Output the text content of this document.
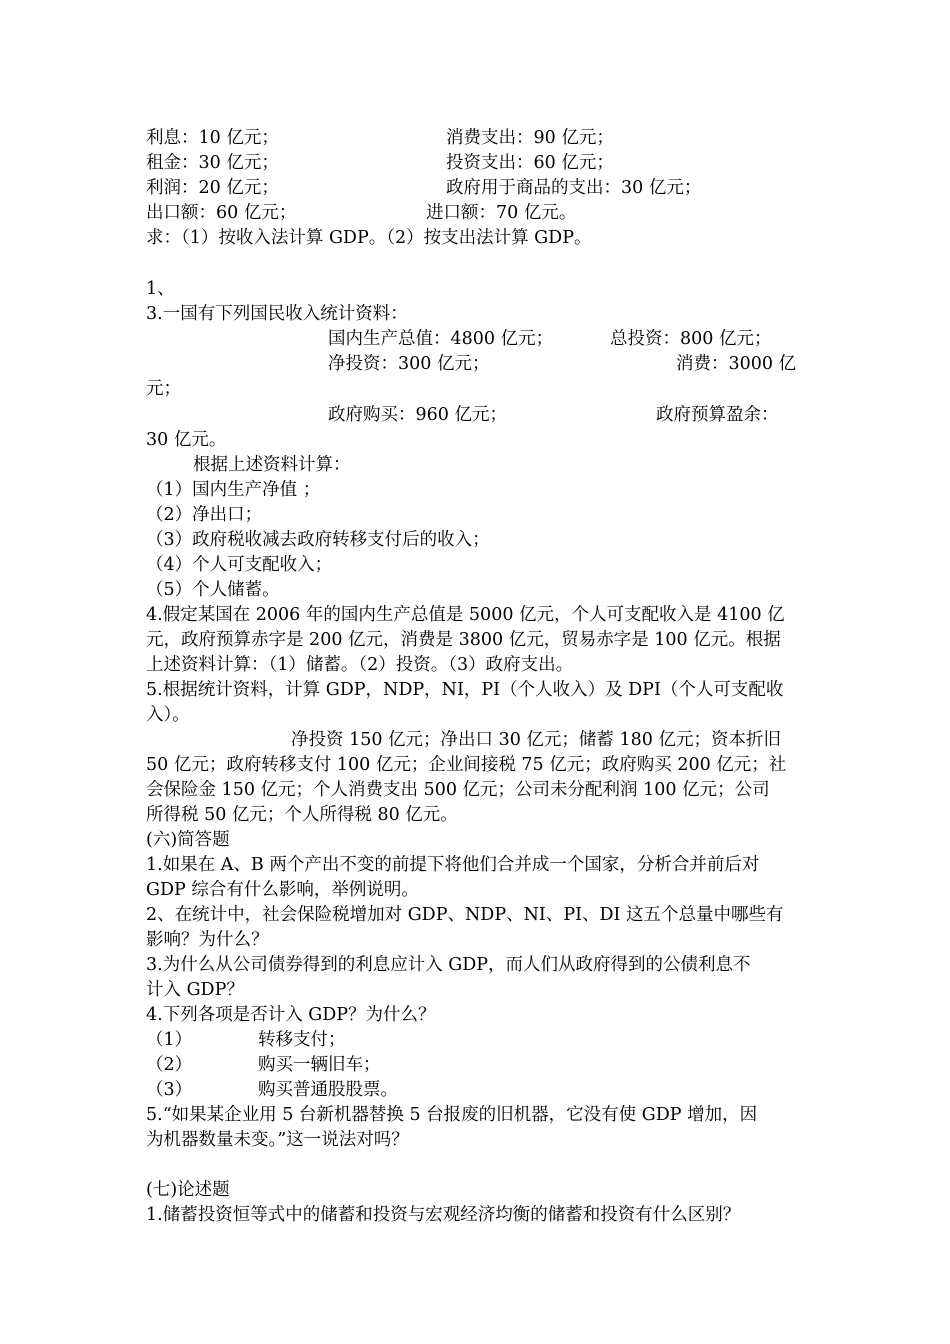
利息：10 亿元；	消费支出：90 亿元；
租金：30 亿元；	投资支出：60 亿元；
利润：20 亿元；	政府用于商品的支出：30 亿元；
出口额：60 亿元；	进口额：70 亿元。
求：（1）按收入法计算 GDP。（2）按支出法计算 GDP。
1、
3.一国有下列国民收入统计资料：
国内生产总值：4800 亿元；	总投资：800 亿元；
净投资：300 亿元；	消费：3000 亿
元；
政府购买：960 亿元；	政府预算盈余：
30 亿元。
根据上述资料计算：
（1）国内生产净值 ；
（2）净出口；
（3）政府税收减去政府转移支付后的收入；
（4）个人可支配收入；
（5）个人储蓄。
4.假定某国在 2006 年的国内生产总值是 5000 亿元，个人可支配收入是 4100 亿
元，政府预算赤字是 200 亿元，消费是 3800 亿元，贸易赤字是 100 亿元。根据
上述资料计算：（1）储蓄。（2）投资。（3）政府支出。
5.根据统计资料，计算 GDP，NDP，NI，PI（个人收入）及 DPI（个人可支配收
入）。
净投资 150 亿元；净出口 30 亿元；储蓄 180 亿元；资本折旧
50 亿元；政府转移支付 100 亿元；企业间接税 75 亿元；政府购买 200 亿元；社
会保险金 150 亿元；个人消费支出 500 亿元；公司未分配利润 100 亿元；公司
所得税 50 亿元；个人所得税 80 亿元。
(六)简答题
1.如果在 A、B 两个产出不变的前提下将他们合并成一个国家，分析合并前后对
GDP 综合有什么影响，举例说明。
2、在统计中，社会保险税增加对 GDP、NDP、NI、PI、DI 这五个总量中哪些有
影响？为什么？
3.为什么从公司债券得到的利息应计入 GDP，而人们从政府得到的公债利息不
计入 GDP？
4.下列各项是否计入 GDP？为什么？
（1）	转移支付；
（2）	购买一辆旧车；
（3）	购买普通股股票。
5.“如果某企业用 5 台新机器替换 5 台报废的旧机器，它没有使 GDP 增加，因
为机器数量未变。”这一说法对吗？
(七)论述题
1.储蓄投资恒等式中的储蓄和投资与宏观经济均衡的储蓄和投资有什么区别？
